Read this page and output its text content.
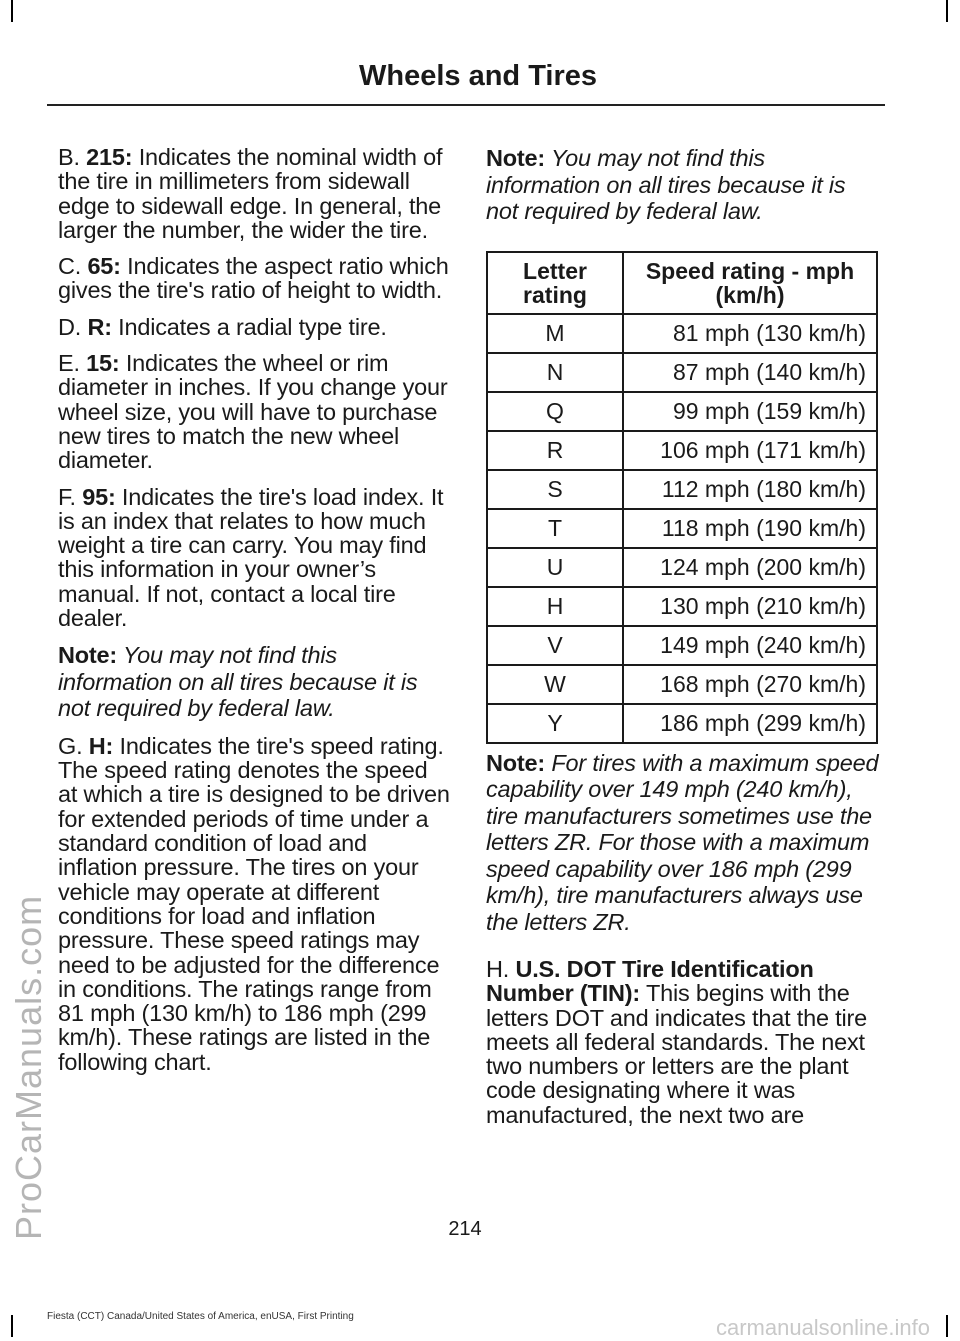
Wheels and Tires

B. 215: Indicates the nominal width of the tire in millimeters from sidewall edge to sidewall edge. In general, the larger the number, the wider the tire.

C. 65: Indicates the aspect ratio which gives the tire's ratio of height to width.

D. R: Indicates a radial type tire.

E. 15: Indicates the wheel or rim diameter in inches. If you change your wheel size, you will have to purchase new tires to match the new wheel diameter.

F. 95: Indicates the tire's load index. It is an index that relates to how much weight a tire can carry. You may find this information in your owner’s manual. If not, contact a local tire dealer.

Note: You may not find this information on all tires because it is not required by federal law.

G. H: Indicates the tire's speed rating. The speed rating denotes the speed at which a tire is designed to be driven for extended periods of time under a standard condition of load and inflation pressure. The tires on your vehicle may operate at different conditions for load and inflation pressure. These speed ratings may need to be adjusted for the difference in conditions. The ratings range from 81 mph (130 km/h) to 186 mph (299 km/h). These ratings are listed in the following chart.

Note: You may not find this information on all tires because it is not required by federal law.

Letter rating	Speed rating - mph (km/h)
M	81 mph (130 km/h)
N	87 mph (140 km/h)
Q	99 mph (159 km/h)
R	106 mph (171 km/h)
S	112 mph (180 km/h)
T	118 mph (190 km/h)
U	124 mph (200 km/h)
H	130 mph (210 km/h)
V	149 mph (240 km/h)
W	168 mph (270 km/h)
Y	186 mph (299 km/h)

Note: For tires with a maximum speed capability over 149 mph (240 km/h), tire manufacturers sometimes use the letters ZR. For those with a maximum speed capability over 186 mph (299 km/h), tire manufacturers always use the letters ZR.

H. U.S. DOT Tire Identification Number (TIN): This begins with the letters DOT and indicates that the tire meets all federal standards. The next two numbers or letters are the plant code designating where it was manufactured, the next two are

ProCarManuals.com	214
Fiesta (CCT) Canada/United States of America, enUSA, First Printing	carmanualsonline.info
